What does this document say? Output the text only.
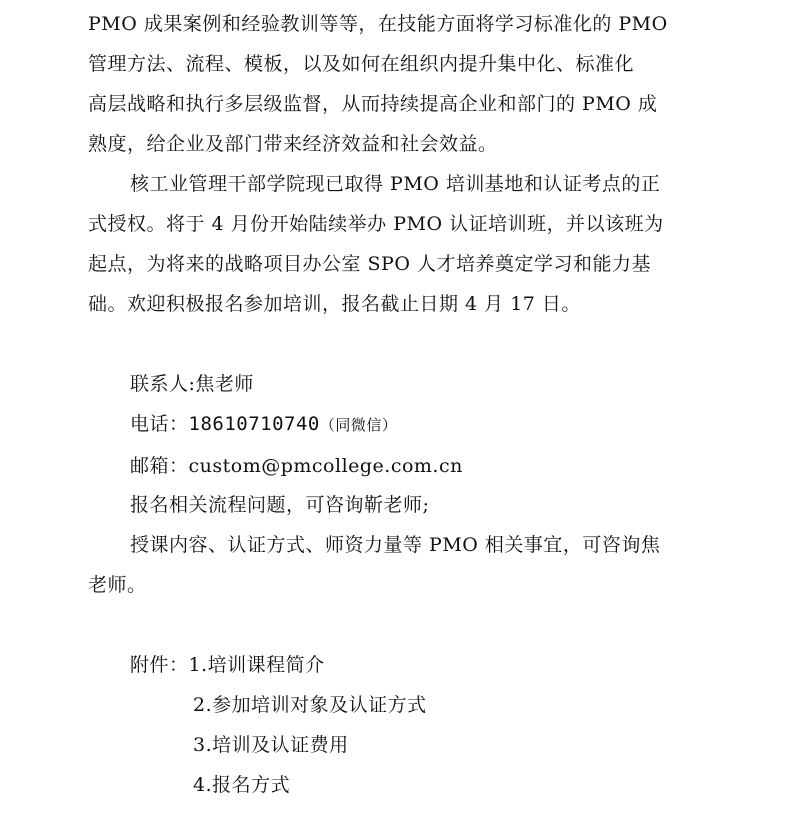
PMO 成果案例和经验教训等等，在技能方面将学习标准化的 PMO
管理方法、流程、模板，以及如何在组织内提升集中化、标准化
高层战略和执行多层级监督，从而持续提高企业和部门的 PMO 成
熟度，给企业及部门带来经济效益和社会效益。
核工业管理干部学院现已取得 PMO 培训基地和认证考点的正
式授权。将于 4 月份开始陆续举办 PMO 认证培训班，并以该班为
起点，为将来的战略项目办公室 SPO 人才培养奠定学习和能力基
础。欢迎积极报名参加培训，报名截止日期 4 月 17 日。
联系人:焦老师
电话：18610710740（同微信）
邮箱：custom@pmcollege.com.cn
报名相关流程问题，可咨询靳老师;
授课内容、认证方式、师资力量等 PMO 相关事宜，可咨询焦
老师。
附件：1.培训课程简介
2.参加培训对象及认证方式
3.培训及认证费用
4.报名方式
